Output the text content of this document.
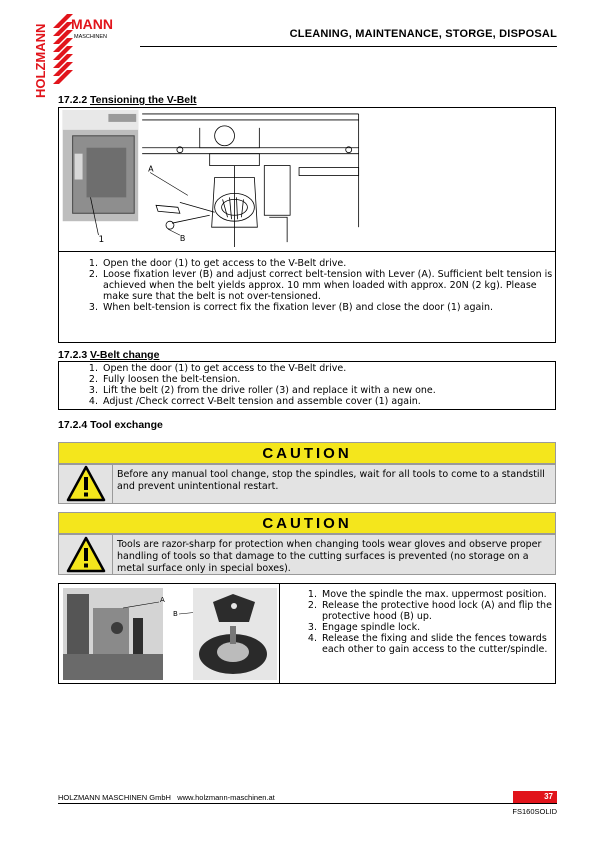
HOLZMANN MANN
MASCHINEN	CLEANING, MAINTENANCE, STORGE, DISPOSAL
17.2.2 Tensioning the V-Belt
1
A
B
1. Open the door (1) to get access to the V-Belt drive.
2. Loose fixation lever (B) and adjust correct belt-tension with Lever (A). Sufficient belt tension is achieved when the belt yields approx. 10 mm when loaded with approx. 20N (2 kg). Please make sure that the belt is not over-tensioned.
3. When belt-tension is correct fix the fixation lever (B) and close the door (1) again.
17.2.3 V-Belt change
1. Open the door (1) to get access to the V-Belt drive.
2. Fully loosen the belt-tension.
3. Lift the belt (2) from the drive roller (3) and replace it with a new one.
4. Adjust /Check correct V-Belt tension and assemble cover (1) again.
17.2.4 Tool exchange
CAUTION
Before any manual tool change, stop the spindles, wait for all tools to come to a standstill and prevent unintentional restart.
CAUTION
Tools are razor-sharp for protection when changing tools wear gloves and observe proper handling of tools so that damage to the cutting surfaces is prevented (no storage on a metal surface only in special boxes).
A
B
1. Move the spindle the max. uppermost position.
2. Release the protective hood lock (A) and flip the protective hood (B) up.
3. Engage spindle lock.
4. Release the fixing and slide the fences towards each other to gain access to the cutter/spindle.
HOLZMANN MASCHINEN GmbH www.holzmann-maschinen.at	37
FS160SOLID
